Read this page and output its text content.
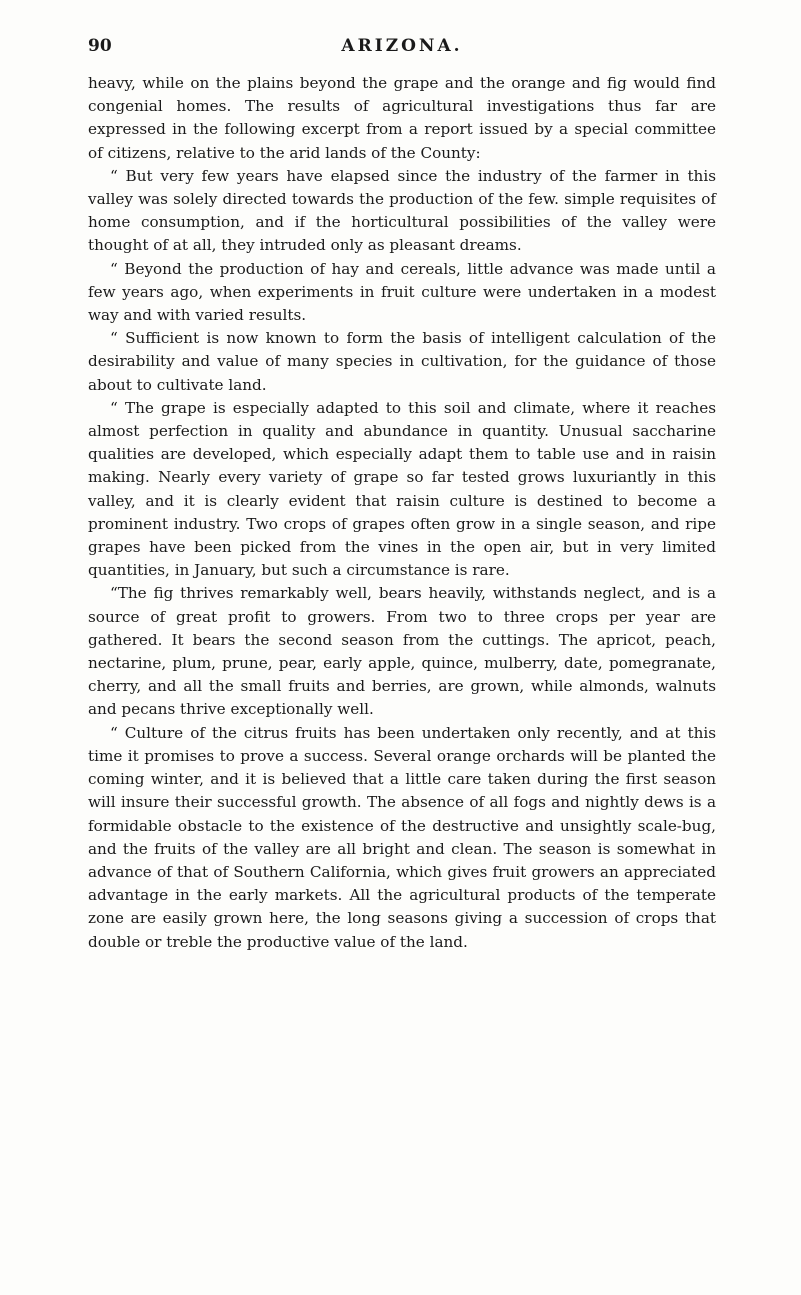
90	ARIZONA.

heavy, while on the plains beyond the grape and the orange and fig would find congenial homes. The results of agricultural investigations thus far are expressed in the following excerpt from a report issued by a special committee of citizens, relative to the arid lands of the County:

“ But very few years have elapsed since the industry of the farmer in this valley was solely directed towards the production of the few. simple requisites of home consumption, and if the horticultural possibilities of the valley were thought of at all, they intruded only as pleasant dreams.

“ Beyond the production of hay and cereals, little advance was made until a few years ago, when experiments in fruit culture were undertaken in a modest way and with varied results.

“ Sufficient is now known to form the basis of intelligent calculation of the desirability and value of many species in cultivation, for the guidance of those about to cultivate land.

“ The grape is especially adapted to this soil and climate, where it reaches almost perfection in quality and abundance in quantity. Unusual saccharine qualities are developed, which especially adapt them to table use and in raisin making. Nearly every variety of grape so far tested grows luxuriantly in this valley, and it is clearly evident that raisin culture is destined to become a prominent industry. Two crops of grapes often grow in a single season, and ripe grapes have been picked from the vines in the open air, but in very limited quantities, in January, but such a circumstance is rare.

“The fig thrives remarkably well, bears heavily, withstands neglect, and is a source of great profit to growers. From two to three crops per year are gathered. It bears the second season from the cuttings. The apricot, peach, nectarine, plum, prune, pear, early apple, quince, mulberry, date, pomegranate, cherry, and all the small fruits and berries, are grown, while almonds, walnuts and pecans thrive exceptionally well.

“ Culture of the citrus fruits has been undertaken only recently, and at this time it promises to prove a success. Several orange orchards will be planted the coming winter, and it is believed that a little care taken during the first season will insure their successful growth. The absence of all fogs and nightly dews is a formidable obstacle to the existence of the destructive and unsightly scale-bug, and the fruits of the valley are all bright and clean. The season is somewhat in advance of that of Southern California, which gives fruit growers an appreciated advantage in the early markets. All the agricultural products of the temperate zone are easily grown here, the long seasons giving a succession of crops that double or treble the productive value of the land.
